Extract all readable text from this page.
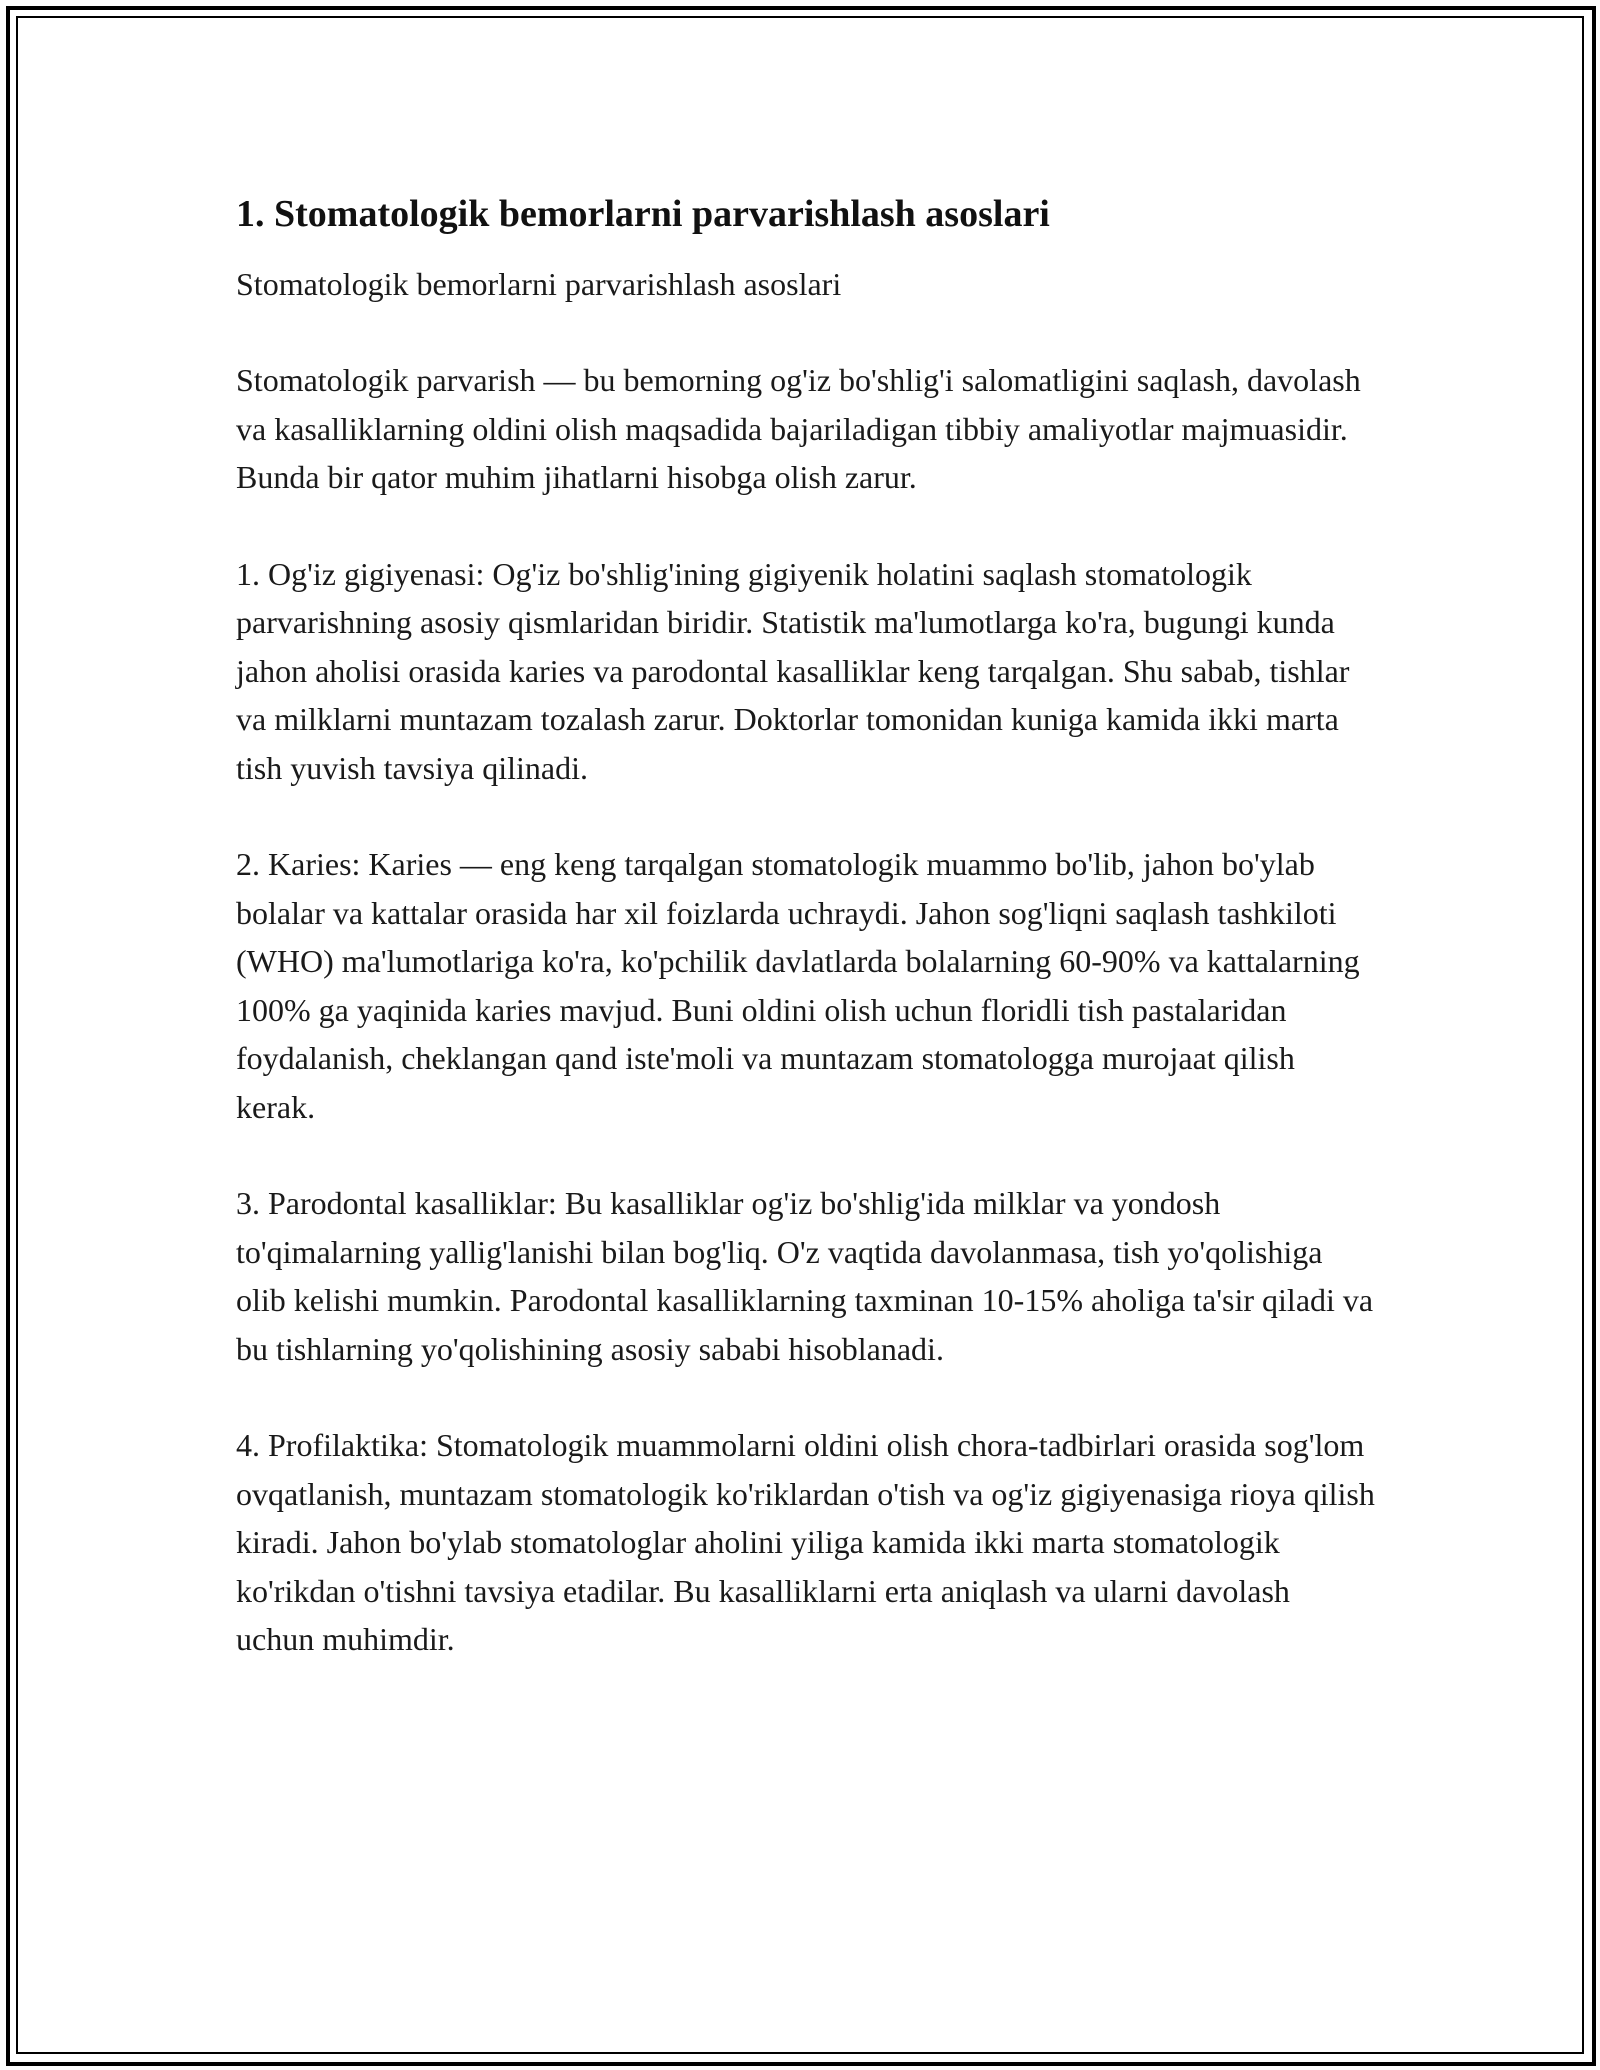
1. Stomatologik bemorlarni parvarishlash asoslari

Stomatologik bemorlarni parvarishlash asoslari

Stomatologik parvarish — bu bemorning og'iz bo'shlig'i salomatligini saqlash, davolash va kasalliklarning oldini olish maqsadida bajariladigan tibbiy amaliyotlar majmuasidir. Bunda bir qator muhim jihatlarni hisobga olish zarur.

1. Og'iz gigiyenasi: Og'iz bo'shlig'ining gigiyenik holatini saqlash stomatologik parvarishning asosiy qismlaridan biridir. Statistik ma'lumotlarga ko'ra, bugungi kunda jahon aholisi orasida karies va parodontal kasalliklar keng tarqalgan. Shu sabab, tishlar va milklarni muntazam tozalash zarur. Doktorlar tomonidan kuniga kamida ikki marta tish yuvish tavsiya qilinadi.

2. Karies: Karies — eng keng tarqalgan stomatologik muammo bo'lib, jahon bo'ylab bolalar va kattalar orasida har xil foizlarda uchraydi. Jahon sog'liqni saqlash tashkiloti (WHO) ma'lumotlariga ko'ra, ko'pchilik davlatlarda bolalarning 60-90% va kattalarning 100% ga yaqinida karies mavjud. Buni oldini olish uchun floridli tish pastalaridan foydalanish, cheklangan qand iste'moli va muntazam stomatologga murojaat qilish kerak.

3. Parodontal kasalliklar: Bu kasalliklar og'iz bo'shlig'ida milklar va yondosh to'qimalarning yallig'lanishi bilan bog'liq. O'z vaqtida davolanmasa, tish yo'qolishiga olib kelishi mumkin. Parodontal kasalliklarning taxminan 10-15% aholiga ta'sir qiladi va bu tishlarning yo'qolishining asosiy sababi hisoblanadi.

4. Profilaktika: Stomatologik muammolarni oldini olish chora-tadbirlari orasida sog'lom ovqatlanish, muntazam stomatologik ko'riklardan o'tish va og'iz gigiyenasiga rioya qilish kiradi. Jahon bo'ylab stomatologlar aholini yiliga kamida ikki marta stomatologik ko'rikdan o'tishni tavsiya etadilar. Bu kasalliklarni erta aniqlash va ularni davolash uchun muhimdir.
